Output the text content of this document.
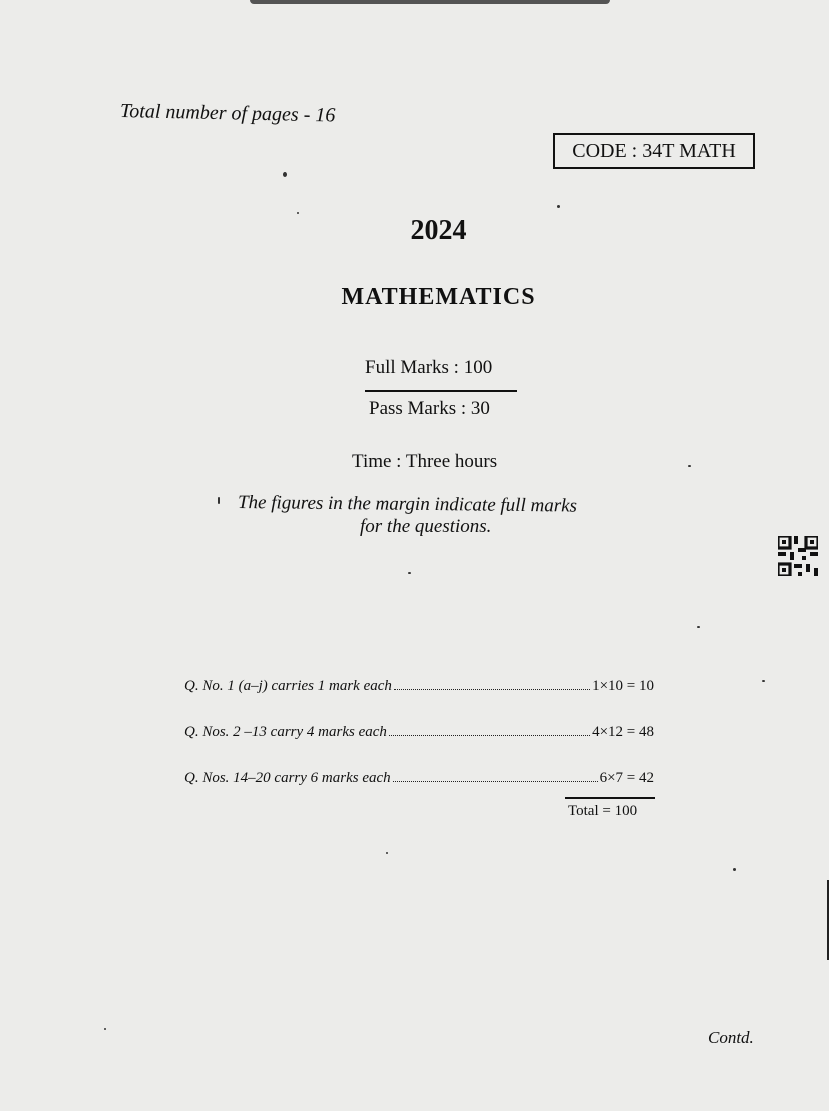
Total number of pages - 16
CODE : 34T MATH
2024
MATHEMATICS
Full Marks : 100
Pass Marks : 30
Time : Three hours
The figures in the margin indicate full marks
for the questions.
Q. No. 1 (a–j) carries 1 mark each	1×10 = 10
Q. Nos. 2 –13 carry 4 marks each	4×12 = 48
Q. Nos. 14–20 carry 6 marks each	6×7 = 42
Total = 100
Contd.
